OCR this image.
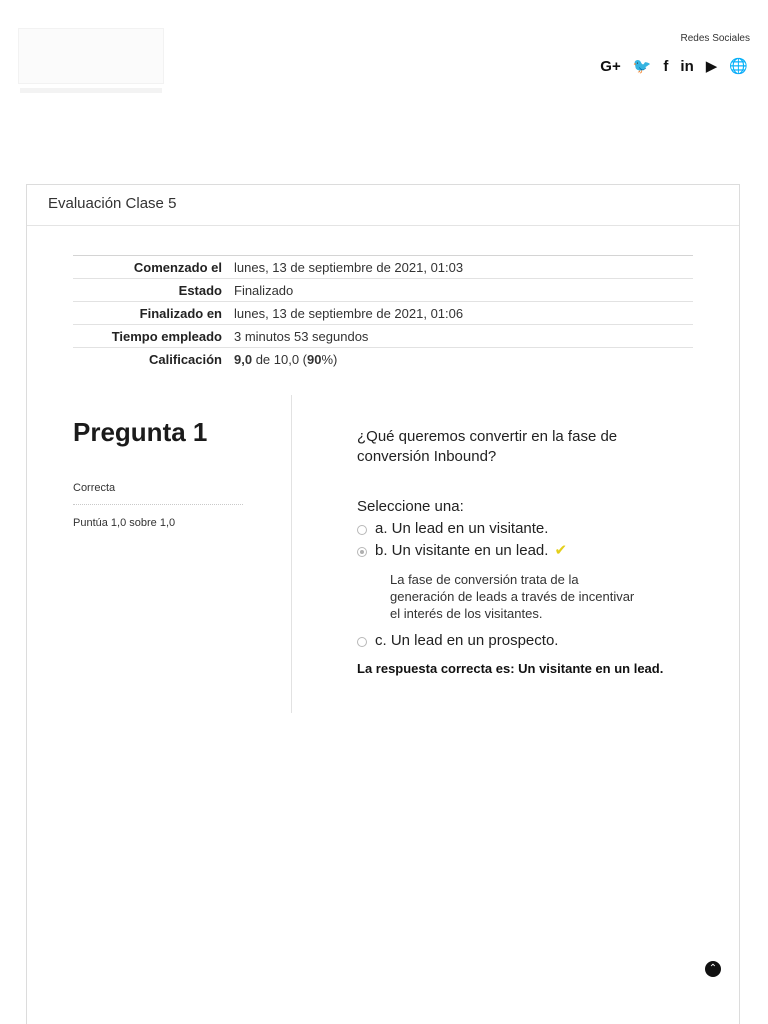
Redes Sociales
G+ 🐦 f in ▶ 🌐
Evaluación Clase 5
Comenzado el	lunes, 13 de septiembre de 2021, 01:03
Estado	Finalizado
Finalizado en	lunes, 13 de septiembre de 2021, 01:06
Tiempo empleado	3 minutos 53 segundos
Calificación	9,0 de 10,0 (90%)
Pregunta 1
Correcta
Puntúa 1,0 sobre 1,0
¿Qué queremos convertir en la fase de conversión Inbound?
Seleccione una:
a. Un lead en un visitante.
b. Un visitante en un lead. ✔
La fase de conversión trata de la generación de leads a través de incentivar el interés de los visitantes.
c. Un lead en un prospecto.
La respuesta correcta es: Un visitante en un lead.
⌃
